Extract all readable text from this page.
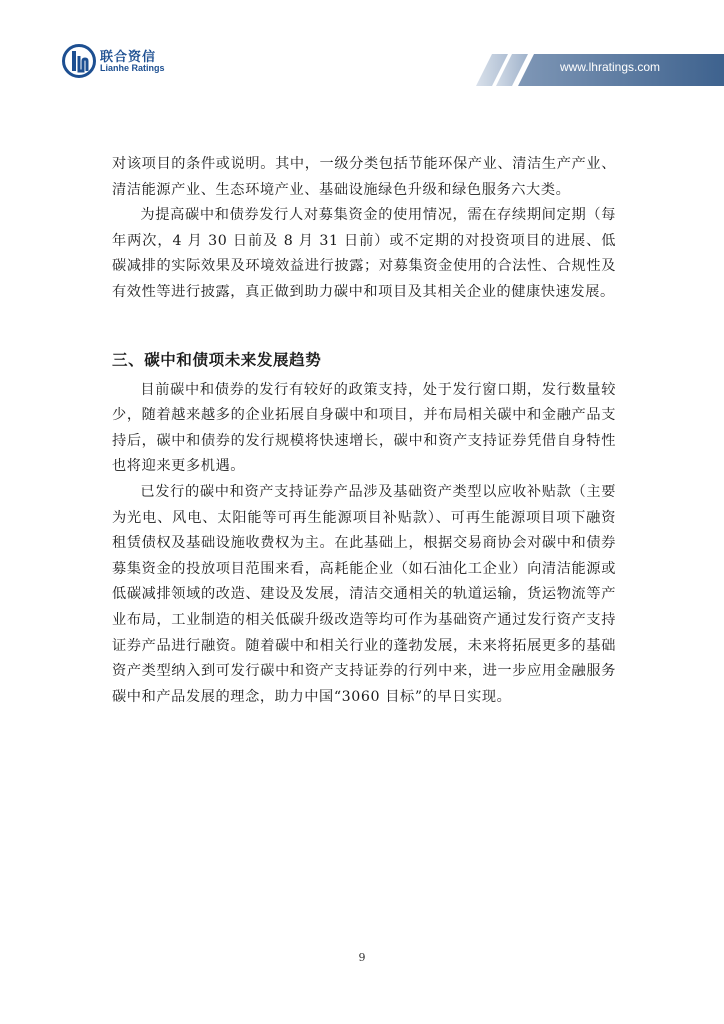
联合资信
Lianhe Ratings	www.lhratings.com

对该项目的条件或说明。其中，一级分类包括节能环保产业、清洁生产产业、清洁能源产业、生态环境产业、基础设施绿色升级和绿色服务六大类。

为提高碳中和债券发行人对募集资金的使用情况，需在存续期间定期（每年两次，4 月 30 日前及 8 月 31 日前）或不定期的对投资项目的进展、低碳减排的实际效果及环境效益进行披露；对募集资金使用的合法性、合规性及有效性等进行披露，真正做到助力碳中和项目及其相关企业的健康快速发展。

三、碳中和债项未来发展趋势

目前碳中和债券的发行有较好的政策支持，处于发行窗口期，发行数量较少，随着越来越多的企业拓展自身碳中和项目，并布局相关碳中和金融产品支持后，碳中和债券的发行规模将快速增长，碳中和资产支持证券凭借自身特性也将迎来更多机遇。

已发行的碳中和资产支持证券产品涉及基础资产类型以应收补贴款（主要为光电、风电、太阳能等可再生能源项目补贴款）、可再生能源项目项下融资租赁债权及基础设施收费权为主。在此基础上，根据交易商协会对碳中和债券募集资金的投放项目范围来看，高耗能企业（如石油化工企业）向清洁能源或低碳减排领域的改造、建设及发展，清洁交通相关的轨道运输，货运物流等产业布局，工业制造的相关低碳升级改造等均可作为基础资产通过发行资产支持证券产品进行融资。随着碳中和相关行业的蓬勃发展，未来将拓展更多的基础资产类型纳入到可发行碳中和资产支持证券的行列中来，进一步应用金融服务碳中和产品发展的理念，助力中国“3060 目标”的早日实现。

9
